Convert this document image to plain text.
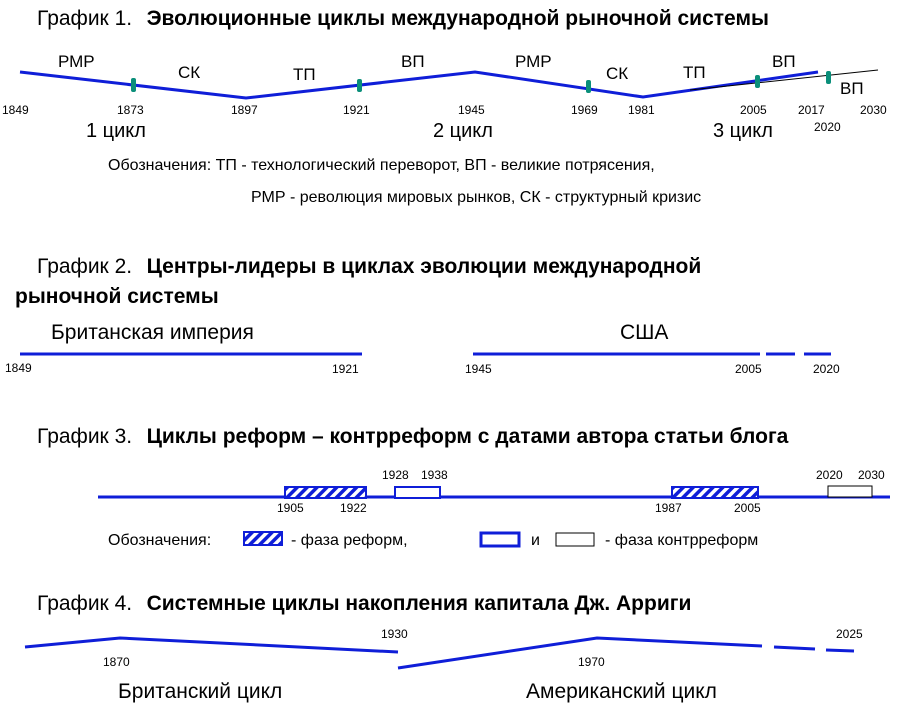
График 1. Эволюционные циклы международной рыночной системы
РМР
СК	ТП
ВП	РМР
СК	ТП
ВП
ВП
1849	1873	1897	1921	1945	1969	1981	2005	2017	2030
2020
1 цикл	2 цикл	3 цикл
Обозначения: ТП - технологический переворот, ВП - великие потрясения,
РМР - революция мировых рынков, СК - структурный кризис
График 2. Центры-лидеры в циклах эволюции международной
рыночной системы
Британская империя	США
1849	1921	1945	2005	2020
График 3. Циклы реформ – контрреформ с датами автора статьи блога
1905	1922
1928 1938
1987	2005
2020 2030
Обозначения:	- фаза реформ,	и	- фаза контрреформ
График 4. Системные циклы накопления капитала Дж. Арриги
1870
1930
1970
2025
Британский цикл	Американский цикл
